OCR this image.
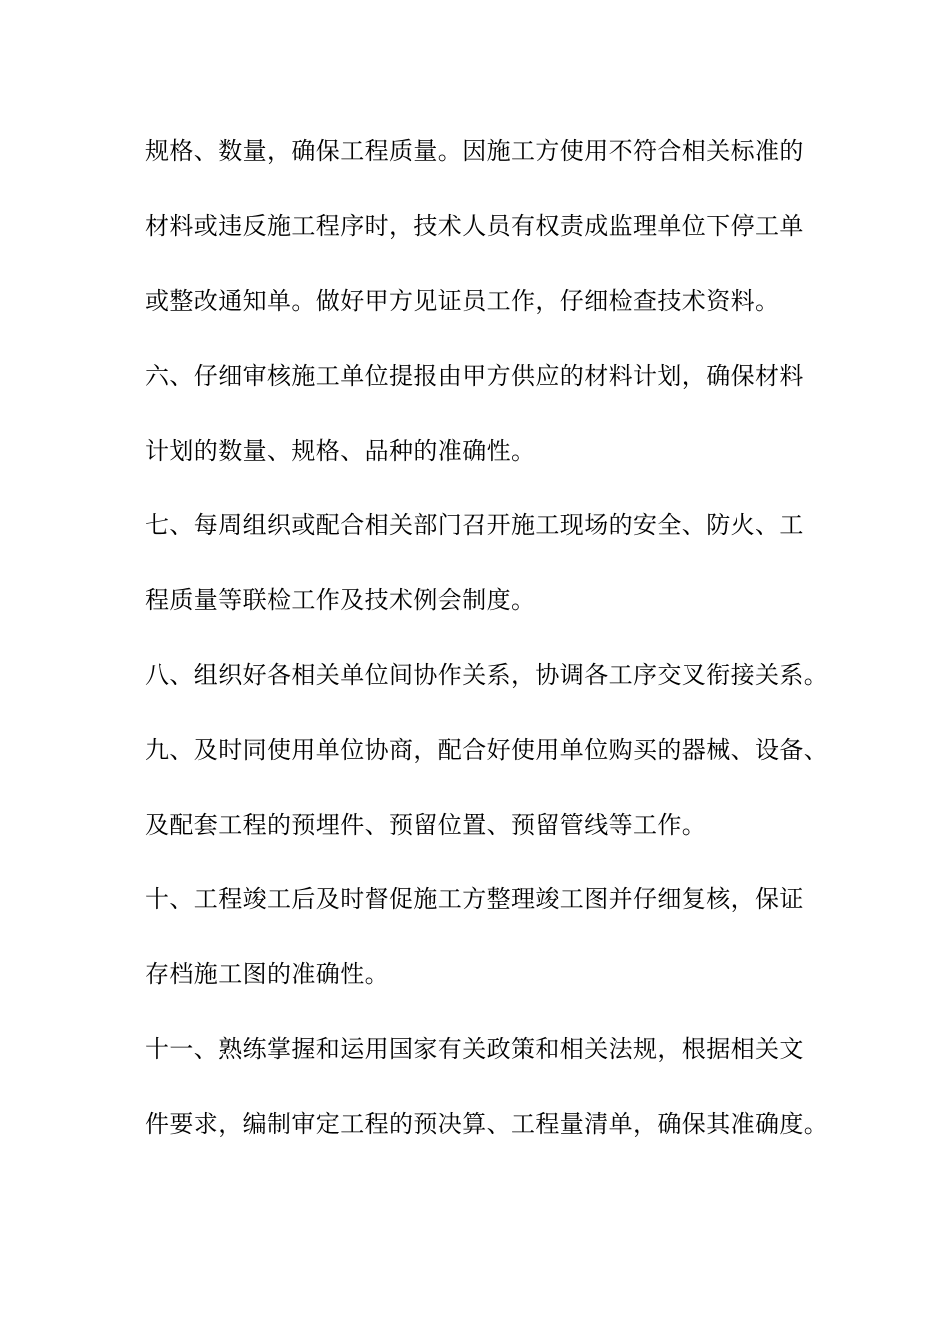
规格、数量，确保工程质量。因施工方使用不符合相关标准的
材料或违反施工程序时，技术人员有权责成监理单位下停工单
或整改通知单。做好甲方见证员工作，仔细检查技术资料。
六、仔细审核施工单位提报由甲方供应的材料计划，确保材料
计划的数量、规格、品种的准确性。
七、每周组织或配合相关部门召开施工现场的安全、防火、工
程质量等联检工作及技术例会制度。
八、组织好各相关单位间协作关系，协调各工序交叉衔接关系。
九、及时同使用单位协商，配合好使用单位购买的器械、设备、
及配套工程的预埋件、预留位置、预留管线等工作。
十、工程竣工后及时督促施工方整理竣工图并仔细复核，保证
存档施工图的准确性。
十一、熟练掌握和运用国家有关政策和相关法规，根据相关文
件要求，编制审定工程的预决算、工程量清单，确保其准确度。
